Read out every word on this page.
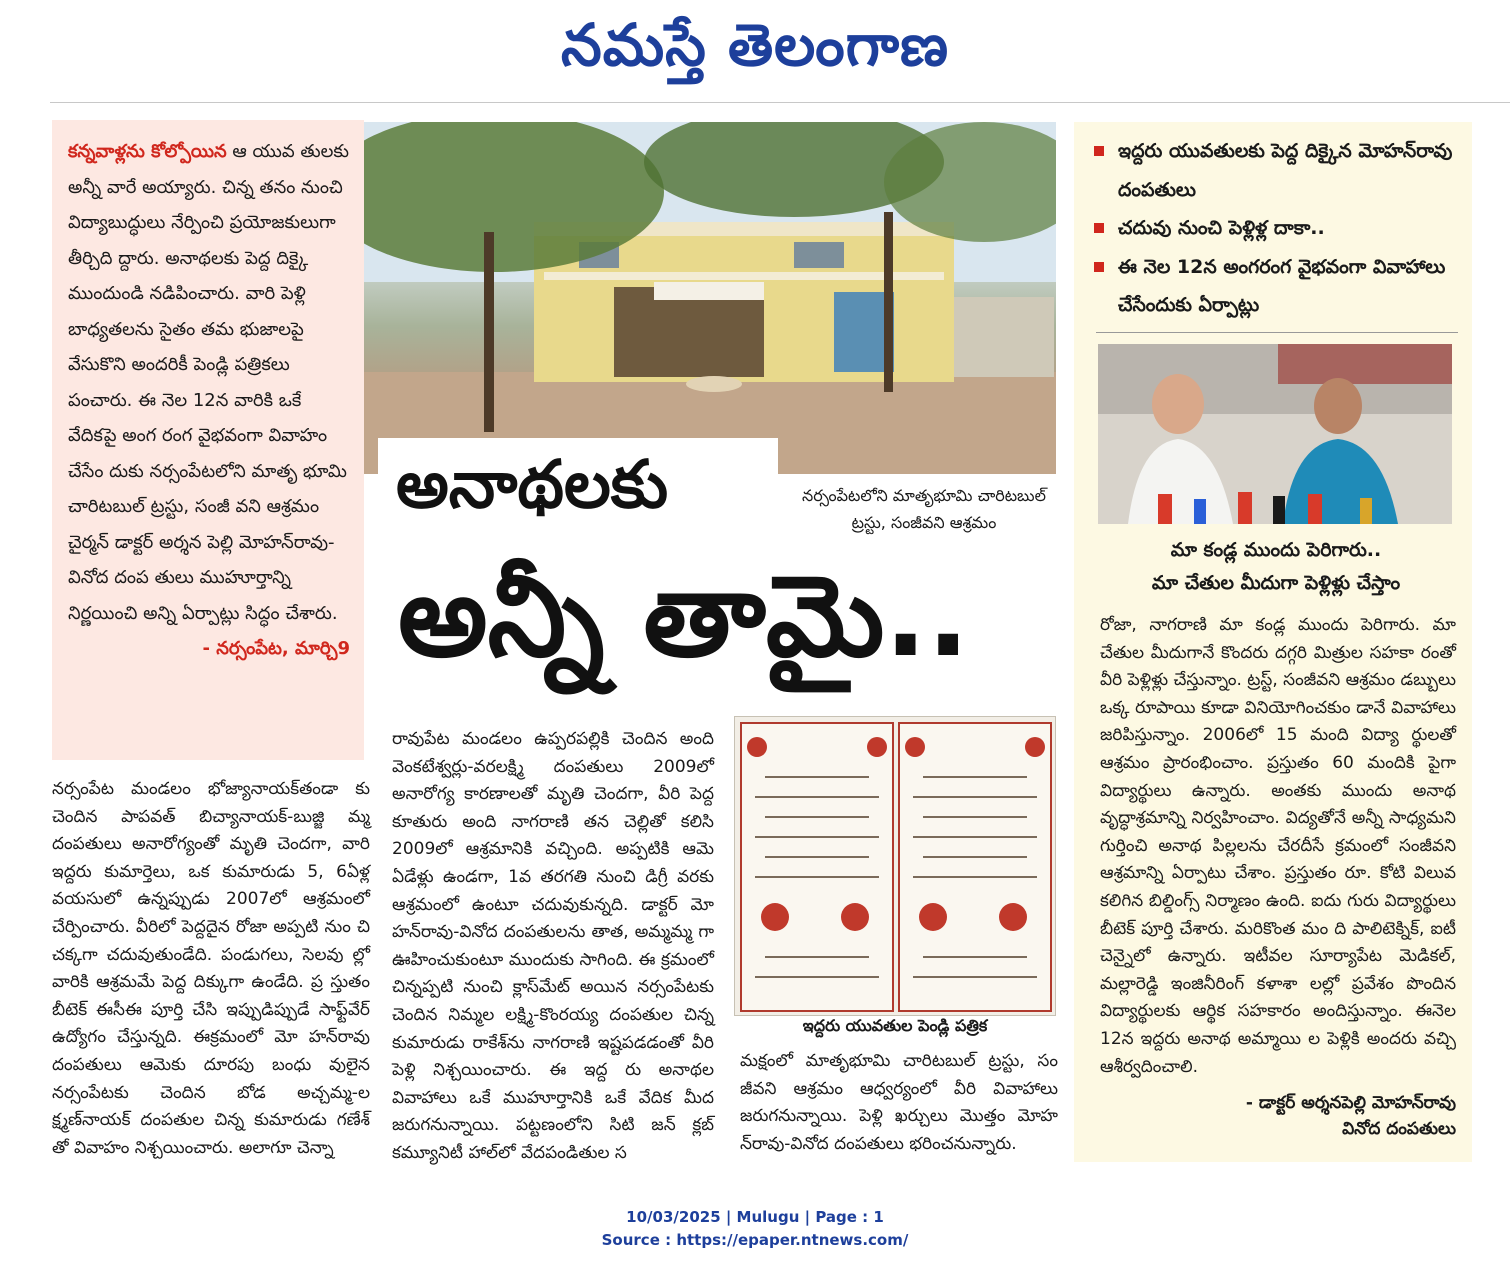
నమస్తే తెలంగాణ
కన్నవాళ్లను కోల్పోయిన ఆ యువ తులకు అన్నీ వారే అయ్యారు. చిన్న తనం నుంచి విద్యాబుద్ధులు నేర్పించి ప్రయోజకులుగా తీర్చిది ద్దారు. అనాథలకు పెద్ద దిక్కై ముందుండి నడిపించారు. వారి పెళ్లి బాధ్యతలను సైతం తమ భుజాలపై వేసుకొని అందరికీ పెండ్లి పత్రికలు పంచారు. ఈ నెల 12న వారికి ఒకే వేదికపై అంగ రంగ వైభవంగా వివాహం చేసేం దుకు నర్సంపేటలోని మాతృ భూమి చారిటబుల్ ట్రస్టు, సంజీ వని ఆశ్రమం చైర్మన్ డాక్టర్ అర్శన పెల్లి మోహన్‌రావు-వినోద దంప తులు ముహూర్తాన్ని నిర్ణయించి అన్ని ఏర్పాట్లు సిద్ధం చేశారు.
- నర్సంపేట, మార్చి9
అనాథలకు
అన్నీ తామై..
నర్సంపేటలోని మాతృభూమి చారిటబుల్ ట్రస్టు, సంజీవని ఆశ్రమం
నర్సంపేట మండలం భోజ్యానాయక్‌తండా కు చెందిన పాపవత్ బిచ్యానాయక్-బుజ్జి మ్మ దంపతులు అనారోగ్యంతో మృతి చెందగా, వారి ఇద్దరు కుమార్తెలు, ఒక కుమారుడు 5, 6ఏళ్ల వయసులో ఉన్నప్పుడు 2007లో ఆశ్రమంలో చేర్పించారు. వీరిలో పెద్దదైన రోజా అప్పటి నుం చి చక్కగా చదువుతుండేది. పండుగలు, సెలవు ల్లో వారికి ఆశ్రమమే పెద్ద దిక్కుగా ఉండేది. ప్ర స్తుతం బీటెక్ ఈసీఈ పూర్తి చేసి ఇప్పుడిప్పుడే సాఫ్ట్‌వేర్ ఉద్యోగం చేస్తున్నది. ఈక్రమంలో మో హన్‌రావు దంపతులు ఆమెకు దూరపు బంధు వులైన నర్సంపేటకు చెందిన బోడ అచ్చమ్మ-ల క్ష్మణ్‌నాయక్ దంపతుల చిన్న కుమారుడు గణేశ్ తో వివాహం నిశ్చయించారు. అలాగూ చెన్నా
రావుపేట మండలం ఉప్పరపల్లికి చెందిన అంది వెంకటేశ్వర్లు-వరలక్ష్మి దంపతులు 2009లో అనారోగ్య కారణాలతో మృతి చెందగా, వీరి పెద్ద కూతురు అంది నాగరాణి తన చెల్లితో కలిసి 2009లో ఆశ్రమానికి వచ్చింది. అప్పటికి ఆమె ఏడేళ్లు ఉండగా, 1వ తరగతి నుంచి డిగ్రీ వరకు ఆశ్రమంలో ఉంటూ చదువుకున్నది. డాక్టర్ మో హన్‌రావు-వినోద దంపతులను తాత, అమ్మమ్మ గా ఊహించుకుంటూ ముందుకు సాగింది. ఈ క్రమంలో చిన్నప్పటి నుంచి క్లాస్‌మేట్ అయిన నర్సంపేటకు చెందిన నిమ్మల లక్ష్మి-కొంరయ్య దంపతుల చిన్న కుమారుడు రాకేశ్‌ను నాగరాణి ఇష్టపడడంతో వీరి పెళ్లి నిశ్చయించారు. ఈ ఇద్ద రు అనాథల వివాహాలు ఒకే ముహూర్తానికి ఒకే వేదిక మీద జరుగనున్నాయి. పట్టణంలోని సిటి జన్ క్లబ్ కమ్యూనిటీ హాల్‌లో వేదపండితుల స
ఇద్దరు యువతుల పెండ్లి పత్రిక
మక్షంలో మాతృభూమి చారిటబుల్ ట్రస్టు, సం జీవని ఆశ్రమం ఆధ్వర్యంలో వీరి వివాహాలు జరుగనున్నాయి. పెళ్లి ఖర్చులు మొత్తం మోహ న్‌రావు-వినోద దంపతులు భరించనున్నారు.
ఇద్దరు యువతులకు పెద్ద దిక్కైన మోహన్‌రావు దంపతులు
చదువు నుంచి పెళ్లిళ్ల దాకా..
ఈ నెల 12న అంగరంగ వైభవంగా వివాహాలు చేసేందుకు ఏర్పాట్లు
మా కండ్ల ముందు పెరిగారు..
మా చేతుల మీదుగా పెళ్లిళ్లు చేస్తాం
రోజా, నాగరాణి మా కండ్ల ముందు పెరిగారు. మా చేతుల మీదుగానే కొందరు దగ్గరి మిత్రుల సహకా రంతో వీరి పెళ్లిళ్లు చేస్తున్నాం. ట్రస్ట్, సంజీవని ఆశ్రమం డబ్బులు ఒక్క రూపాయి కూడా వినియోగించకుం డానే వివాహాలు జరిపిస్తున్నాం. 2006లో 15 మంది విద్యా ర్థులతో ఆశ్రమం ప్రారంభించాం. ప్రస్తుతం 60 మందికి పైగా విద్యార్థులు ఉన్నారు. అంతకు ముందు అనాథ వృద్ధాశ్రమాన్ని నిర్వహించాం. విద్యతోనే అన్నీ సాధ్యమని గుర్తించి అనాథ పిల్లలను చేరదీసే క్రమంలో సంజీవని ఆశ్రమాన్ని ఏర్పాటు చేశాం. ప్రస్తుతం రూ. కోటి విలువ కలిగిన బిల్డింగ్స్ నిర్మాణం ఉంది. ఐదు గురు విద్యార్థులు బీటెక్ పూర్తి చేశారు. మరికొంత మం ది పాలిటెక్నిక్, ఐటీ చెన్నైలో ఉన్నారు. ఇటీవల సూర్యాపేట మెడికల్, మల్లారెడ్డి ఇంజినీరింగ్ కళాశా లల్లో ప్రవేశం పొందిన విద్యార్థులకు ఆర్థిక సహకారం అందిస్తున్నాం. ఈనెల 12న ఇద్దరు అనాథ అమ్మాయి ల పెళ్లికి అందరు వచ్చి ఆశీర్వదించాలి.
- డాక్టర్ అర్శనపెల్లి మోహన్‌రావు
వినోద దంపతులు
10/03/2025 | Mulugu | Page : 1
Source : https://epaper.ntnews.com/
